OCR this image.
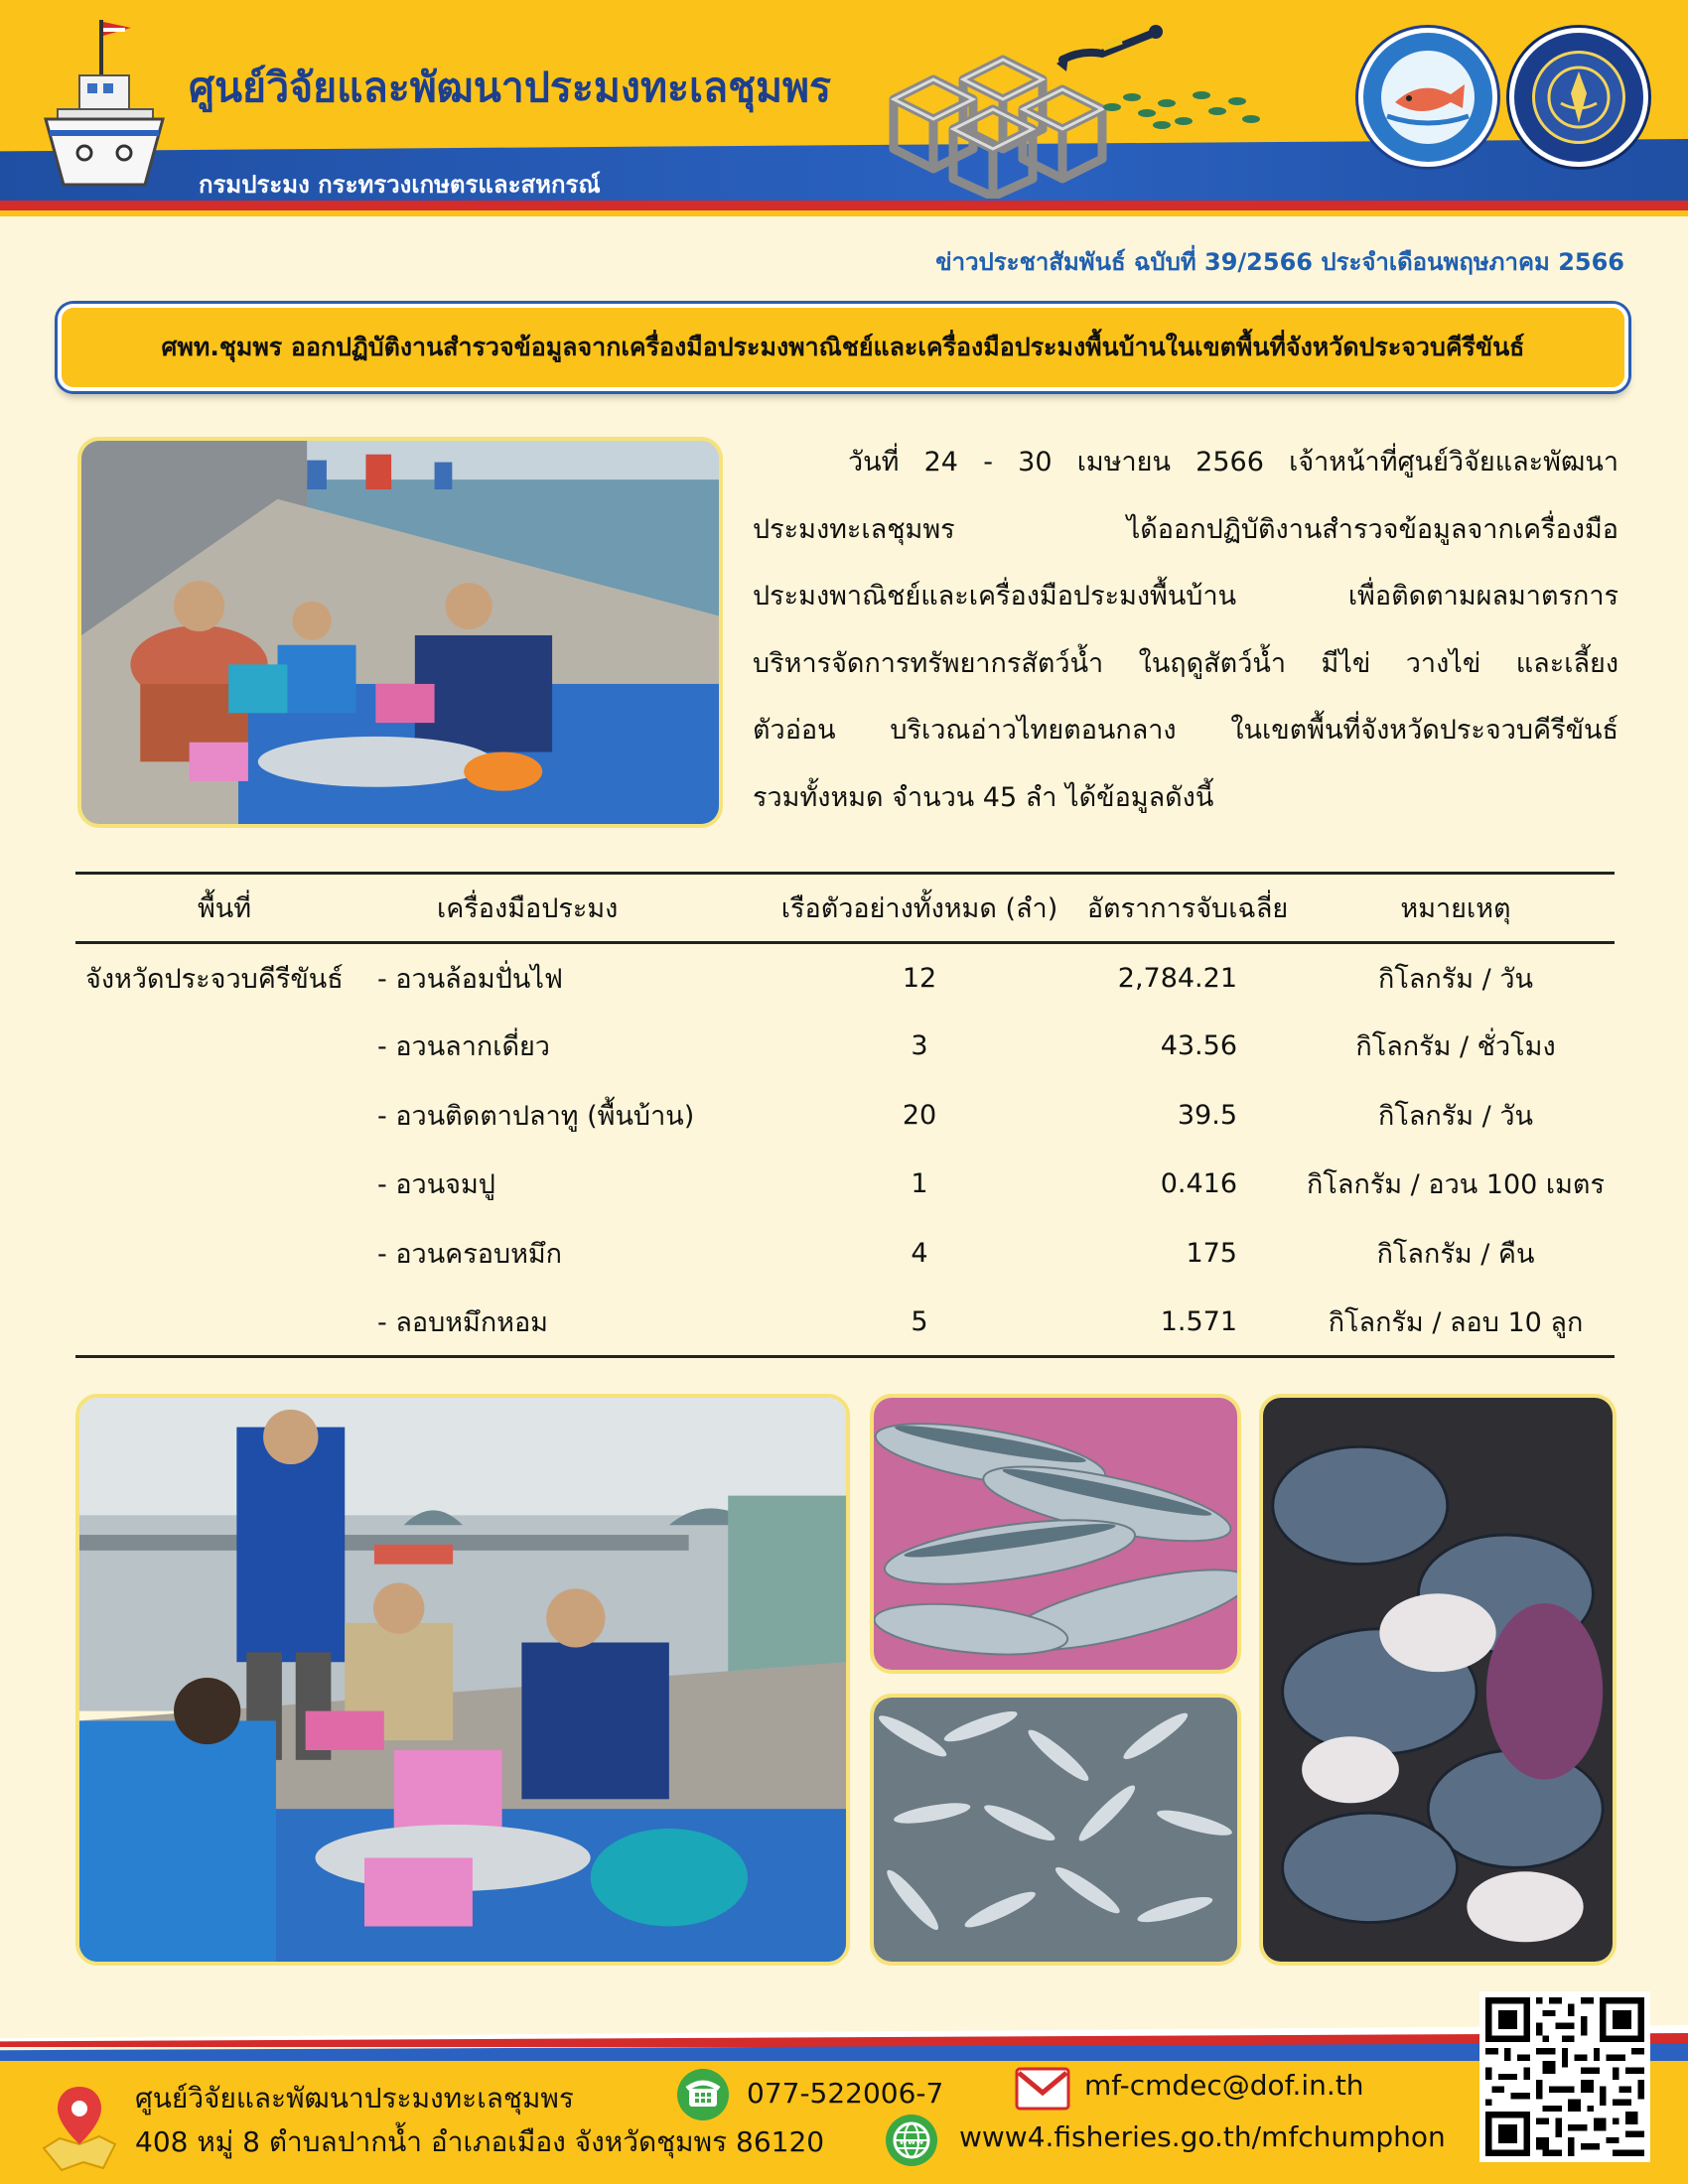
ศูนย์วิจัยและพัฒนาประมงทะเลชุมพร
กรมประมง กระทรวงเกษตรและสหกรณ์
ข่าวประชาสัมพันธ์ ฉบับที่ 39/2566 ประจำเดือนพฤษภาคม 2566
ศพท.ชุมพร ออกปฏิบัติงานสำรวจข้อมูลจากเครื่องมือประมงพาณิชย์และเครื่องมือประมงพื้นบ้านในเขตพื้นที่จังหวัดประจวบคีรีขันธ์

วันที่ 24 - 30 เมษายน 2566 เจ้าหน้าที่ศูนย์วิจัยและพัฒนา

ประมงทะเลชุมพร ได้ออกปฏิบัติงานสำรวจข้อมูลจากเครื่องมือ

ประมงพาณิชย์และเครื่องมือประมงพื้นบ้าน เพื่อติดตามผลมาตรการ

บริหารจัดการทรัพยากรสัตว์น้ำ ในฤดูสัตว์น้ำ มีไข่ วางไข่ และเลี้ยง

ตัวอ่อน บริเวณอ่าวไทยตอนกลาง ในเขตพื้นที่จังหวัดประจวบคีรีขันธ์

รวมทั้งหมด จำนวน 45 ลำ ได้ข้อมูลดังนี้

พื้นที่	เครื่องมือประมง	เรือตัวอย่างทั้งหมด (ลำ)	อัตราการจับเฉลี่ย	หมายเหตุ
จังหวัดประจวบคีรีขันธ์	- อวนล้อมปั่นไฟ	12	2,784.21	กิโลกรัม / วัน
	- อวนลากเดี่ยว	3	43.56	กิโลกรัม / ชั่วโมง
	- อวนติดตาปลาทู (พื้นบ้าน)	20	39.5	กิโลกรัม / วัน
	- อวนจมปู	1	0.416	กิโลกรัม / อวน 100 เมตร
	- อวนครอบหมึก	4	175	กิโลกรัม / คืน
	- ลอบหมึกหอม	5	1.571	กิโลกรัม / ลอบ 10 ลูก
ศูนย์วิจัยและพัฒนาประมงทะเลชุมพร
408 หมู่ 8 ตำบลปากน้ำ อำเภอเมือง จังหวัดชุมพร 86120
077-522006-7	mf-cmdec@dof.in.th
www www4.fisheries.go.th/mfchumphon
